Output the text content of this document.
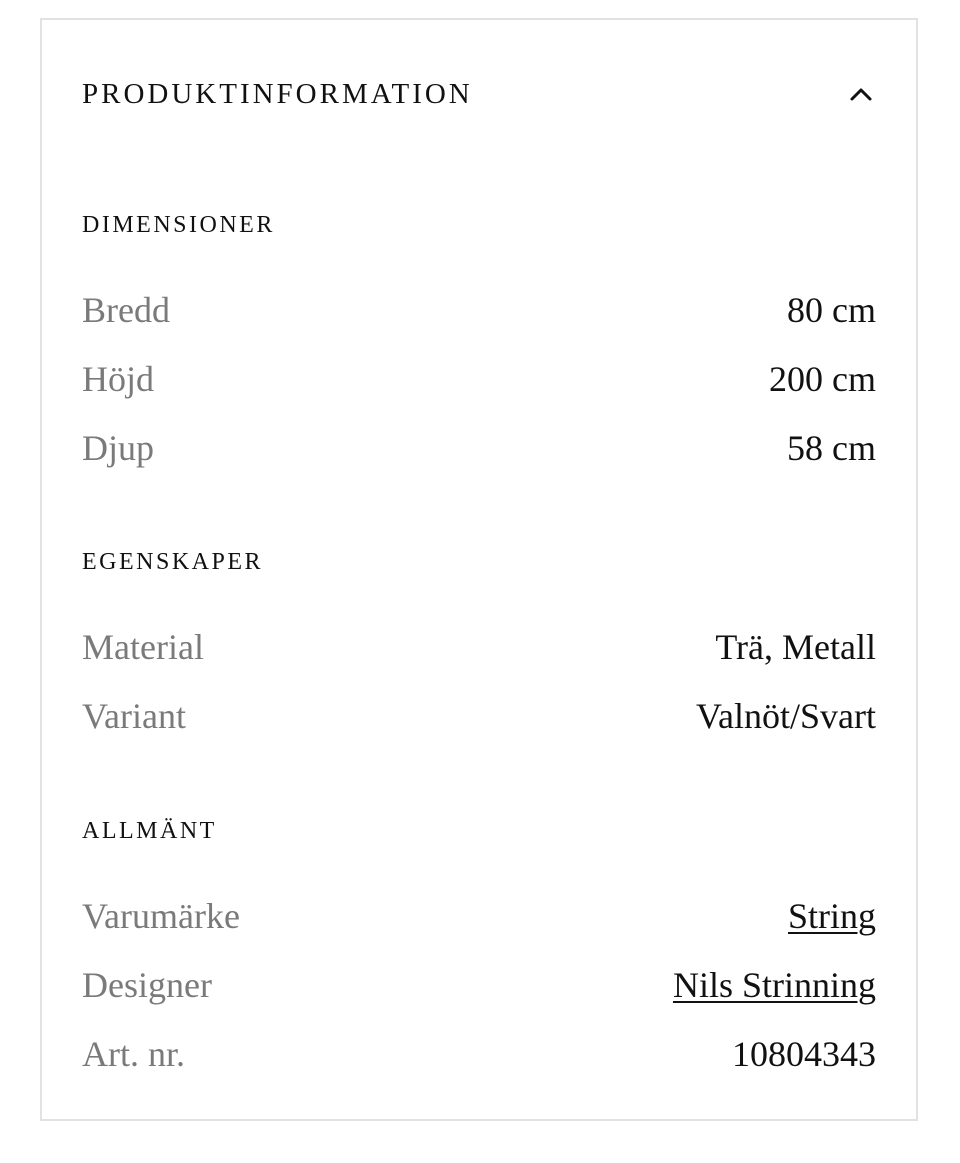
PRODUKTINFORMATION
DIMENSIONER
Bredd	80 cm
Höjd	200 cm
Djup	58 cm
EGENSKAPER
Material	Trä, Metall
Variant	Valnöt/Svart
ALLMÄNT
Varumärke	String
Designer	Nils Strinning
Art. nr.	10804343
